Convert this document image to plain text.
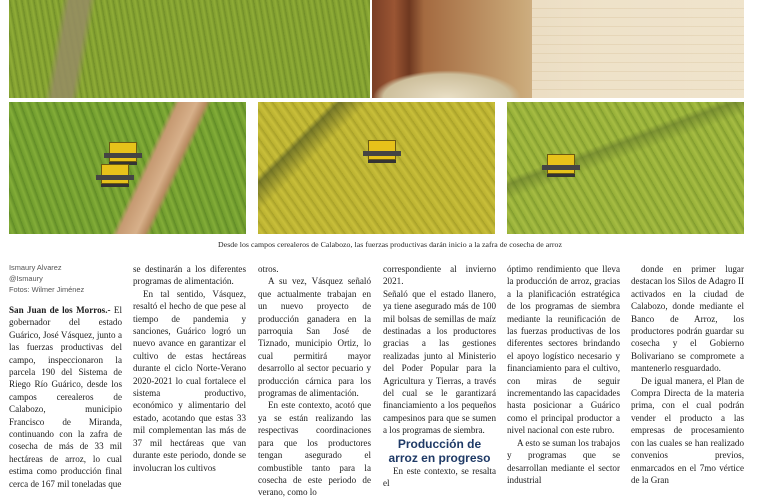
Desde los campos cerealeros de Calabozo, las fuerzas productivas darán inicio a la zafra de cosecha de arroz
Ismaury Alvarez
@Ismaury
Fotos: Wilmer Jiménez

San Juan de los Morros.- El gobernador del estado Guárico, José Vásquez, junto a las fuerzas productivas del campo, inspeccionaron la parcela 190 del Sistema de Riego Río Guárico, desde los campos cerealeros de Calabozo, municipio Francisco de Miranda, continuando con la zafra de cosecha de más de 33 mil hectáreas de arroz, lo cual estima como producción final cerca de 167 mil toneladas que

se destinarán a los diferentes programas de alimentación.

En tal sentido, Vásquez, resaltó el hecho de que pese al tiempo de pandemia y sanciones, Guárico logró un nuevo avance en garantizar el cultivo de estas hectáreas durante el ciclo Norte-Verano 2020-2021 lo cual fortalece el sistema productivo, económico y alimentario del estado, acotando que estas 33 mil complementan las más de 37 mil hectáreas que van durante este periodo, donde se involucran los cultivos

otros.

A su vez, Vásquez señaló que actualmente trabajan en un nuevo proyecto de producción ganadera en la parroquia San José de Tiznado, municipio Ortiz, lo cual permitirá mayor desarrollo al sector pecuario y producción cárnica para los programas de alimentación.

En este contexto, acotó que ya se están realizando las respectivas coordinaciones para que los productores tengan asegurado el combustible tanto para la cosecha de este periodo de verano, como lo

correspondiente al invierno 2021.

Señaló que el estado llanero, ya tiene asegurado más de 100 mil bolsas de semillas de maíz destinadas a los productores gracias a las gestiones realizadas junto al Ministerio del Poder Popular para la Agricultura y Tierras, a través del cual se le garantizará financiamiento a los pequeños campesinos para que se sumen a los programas de siembra.

Producción de arroz en progreso

En este contexto, se resalta el

óptimo rendimiento que lleva la producción de arroz, gracias a la planificación estratégica de los programas de siembra mediante la reunificación de las fuerzas productivas de los diferentes sectores brindando el apoyo logístico necesario y financiamiento para el cultivo, con miras de seguir incrementando las capacidades hasta posicionar a Guárico como el principal productor a nivel nacional con este rubro.

A esto se suman los trabajos y programas que se desarrollan mediante el sector industrial

donde en primer lugar destacan los Silos de Adagro II activados en la ciudad de Calabozo, donde mediante el Banco de Arroz, los productores podrán guardar su cosecha y el Gobierno Bolivariano se compromete a mantenerlo resguardado.

De igual manera, el Plan de Compra Directa de la materia prima, con el cual podrán vender el producto a las empresas de procesamiento con las cuales se han realizado convenios previos, enmarcados en el 7mo vértice de la Gran
